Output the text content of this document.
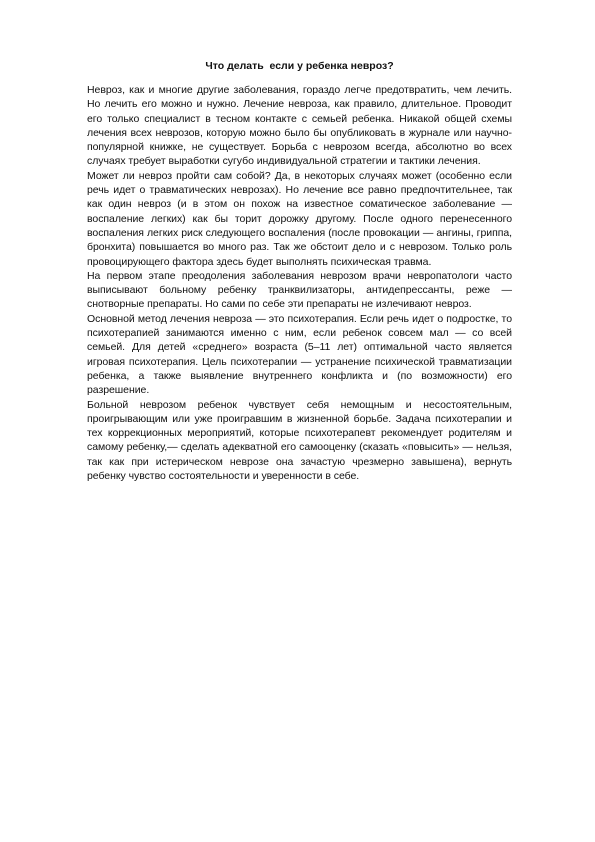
Что делать  если у ребенка невроз?

Невроз, как и многие другие заболевания, гораздо легче предотвратить, чем лечить. Но лечить его можно и нужно. Лечение невроза, как правило, длительное. Проводит его только специалист в тесном контакте с семьей ребенка. Никакой общей схемы лечения всех неврозов, которую можно было бы опубликовать в журнале или научно-популярной книжке, не существует. Борьба с неврозом всегда, абсолютно во всех случаях требует выработки сугубо индивидуальной стратегии и тактики лечения.

Может ли невроз пройти сам собой? Да, в некоторых случаях может (особенно если речь идет о травматических неврозах). Но лечение все равно предпочтительнее, так как один невроз (и в этом он похож на известное соматическое заболевание — воспаление легких) как бы торит дорожку другому. После одного перенесенного воспаления легких риск следующего воспаления (после провокации — ангины, гриппа, бронхита) повышается во много раз. Так же обстоит дело и с неврозом. Только роль провоцирующего фактора здесь будет выполнять психическая травма.

На первом этапе преодоления заболевания неврозом врачи невропатологи часто выписывают больному ребенку транквилизаторы, антидепрессанты, реже — снотворные препараты. Но сами по себе эти препараты не излечивают невроз.

Основной метод лечения невроза — это психотерапия. Если речь идет о подростке, то психотерапией занимаются именно с ним, если ребенок совсем мал — со всей семьей. Для детей «среднего» возраста (5–11 лет) оптимальной часто является игровая психотерапия. Цель психотерапии — устранение психической травматизации ребенка, а также выявление внутреннего конфликта и (по возможности) его разрешение.

Больной неврозом ребенок чувствует себя немощным и несостоятельным, проигрывающим или уже проигравшим в жизненной борьбе. Задача психотерапии и тех коррекционных мероприятий, которые психотерапевт рекомендует родителям и самому ребенку,— сделать адекватной его самооценку (сказать «повысить» — нельзя, так как при истерическом неврозе она зачастую чрезмерно завышена), вернуть ребенку чувство состоятельности и уверенности в себе.
